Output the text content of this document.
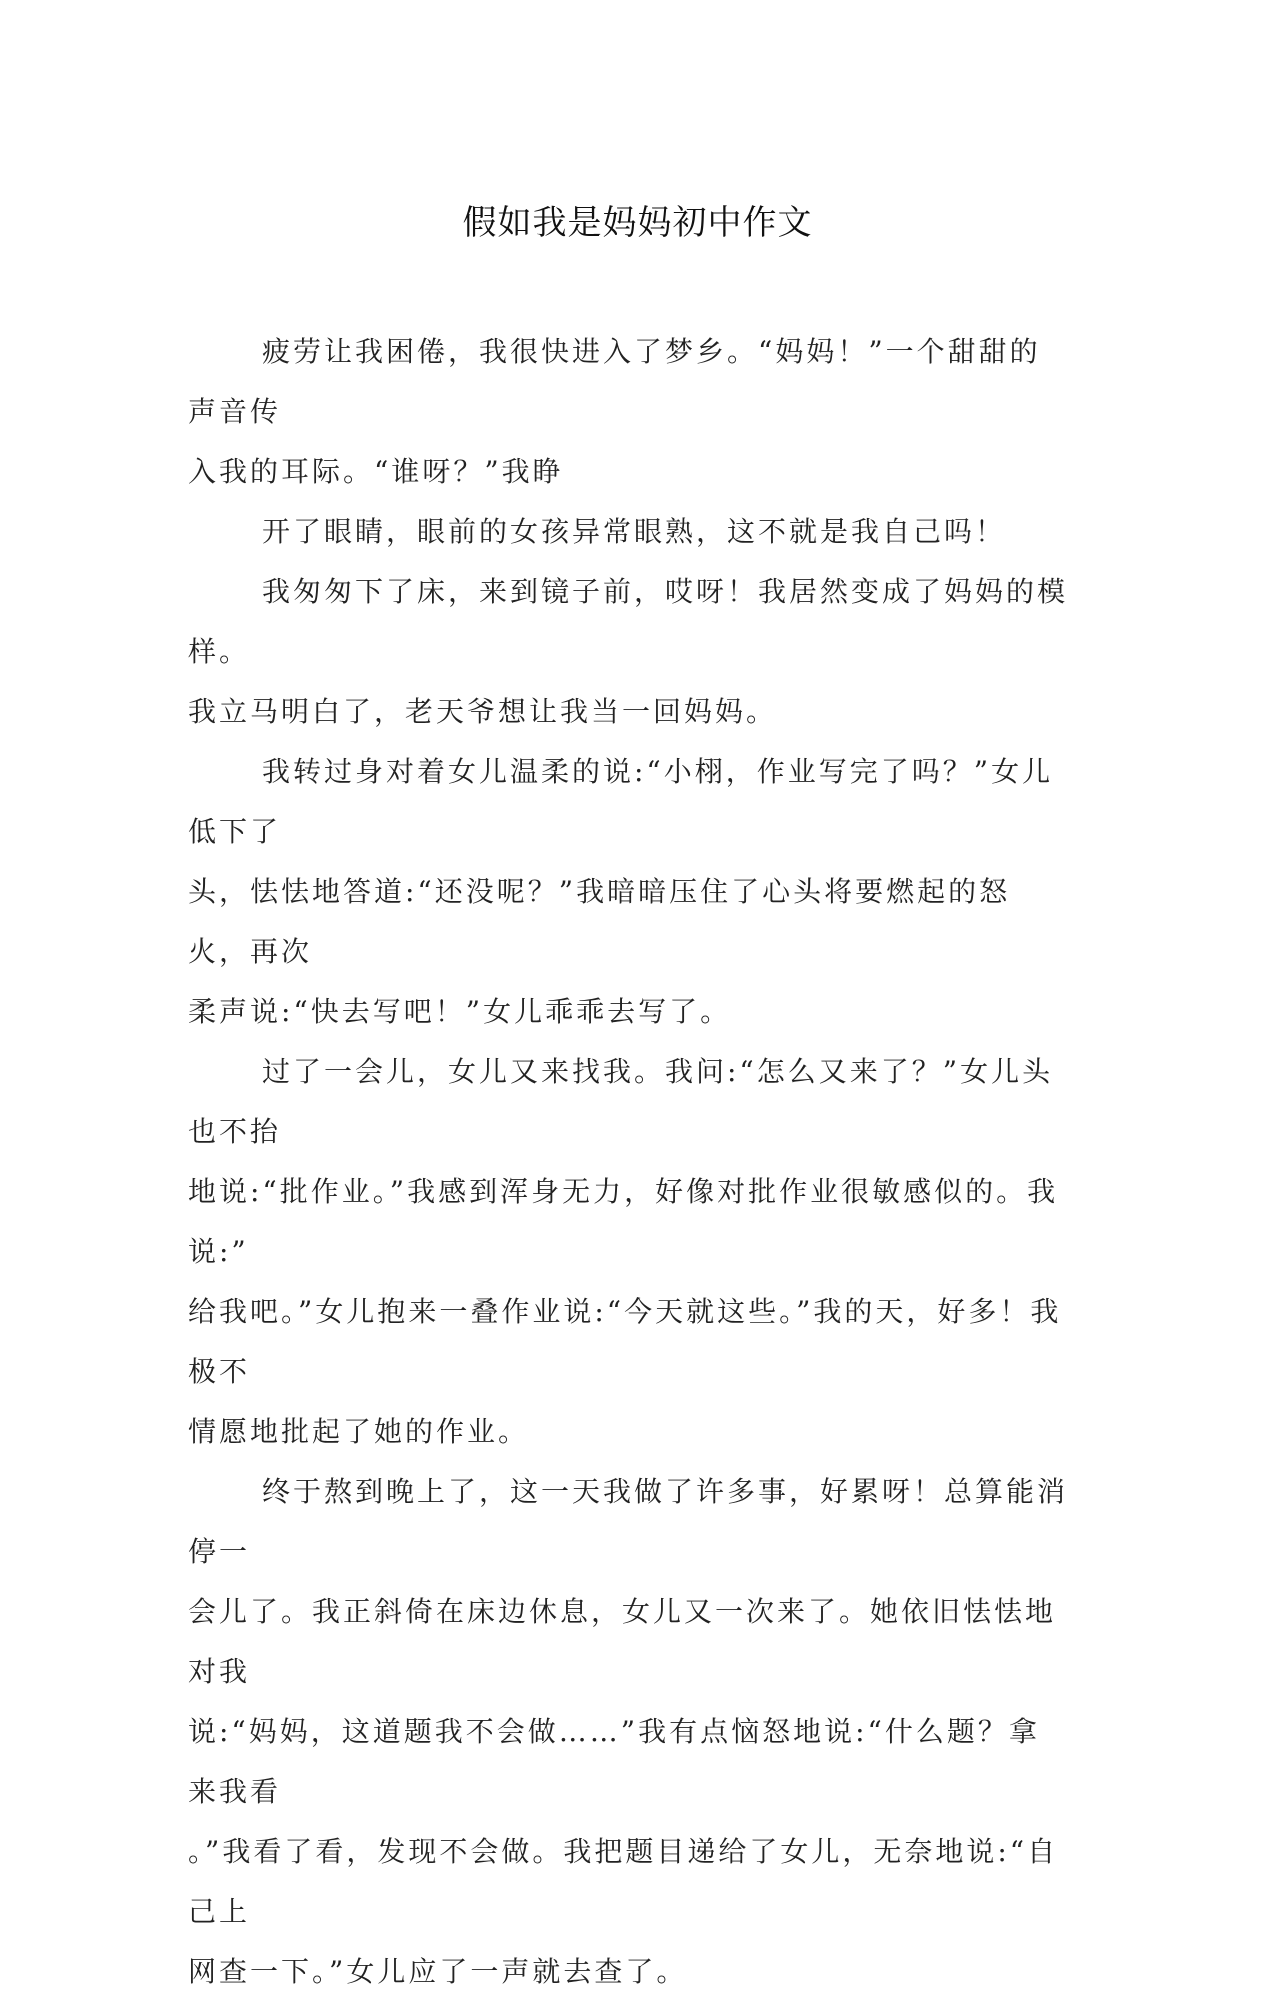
假如我是妈妈初中作文

疲劳让我困倦，我很快进入了梦乡。“妈妈！”一个甜甜的声音传

入我的耳际。“谁呀？”我睁

开了眼睛，眼前的女孩异常眼熟，这不就是我自己吗！

我匆匆下了床，来到镜子前，哎呀！我居然变成了妈妈的模样。

我立马明白了，老天爷想让我当一回妈妈。

我转过身对着女儿温柔的说:“小栩，作业写完了吗？”女儿低下了

头，怯怯地答道:“还没呢？”我暗暗压住了心头将要燃起的怒火，再次

柔声说:“快去写吧！”女儿乖乖去写了。

过了一会儿，女儿又来找我。我问:“怎么又来了？”女儿头也不抬

地说:“批作业。”我感到浑身无力，好像对批作业很敏感似的。我说:”

给我吧。”女儿抱来一叠作业说:“今天就这些。”我的天，好多！我极不

情愿地批起了她的作业。

终于熬到晚上了，这一天我做了许多事，好累呀！总算能消停一

会儿了。我正斜倚在床边休息，女儿又一次来了。她依旧怯怯地对我

说:“妈妈，这道题我不会做……”我有点恼怒地说:“什么题？拿来我看

。”我看了看，发现不会做。我把题目递给了女儿，无奈地说:“自己上

网查一下。”女儿应了一声就去查了。
